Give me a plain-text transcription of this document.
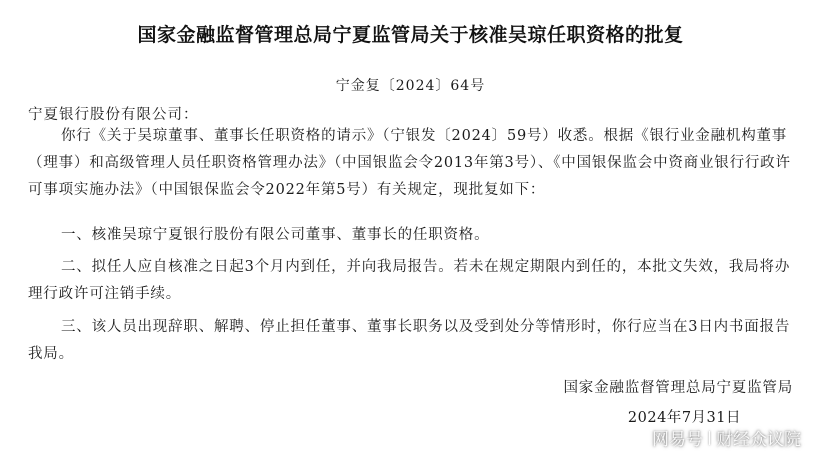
国家金融监督管理总局宁夏监管局关于核准吴琼任职资格的批复
宁金复〔2024〕64号
宁夏银行股份有限公司：

你行《关于吴琼董事、董事长任职资格的请示》（宁银发〔2024〕59号）收悉。根据《银行业金融机构董事（理事）和高级管理人员任职资格管理办法》（中国银监会令2013年第3号）、《中国银保监会中资商业银行行政许可事项实施办法》（中国银保监会令2022年第5号）有关规定，现批复如下：

一、核准吴琼宁夏银行股份有限公司董事、董事长的任职资格。

二、拟任人应自核准之日起3个月内到任，并向我局报告。若未在规定期限内到任的，本批文失效，我局将办理行政许可注销手续。

三、该人员出现辞职、解聘、停止担任董事、董事长职务以及受到处分等情形时，你行应当在3日内书面报告我局。

国家金融监督管理总局宁夏监管局
2024年7月31日
网易号 财经众议院
